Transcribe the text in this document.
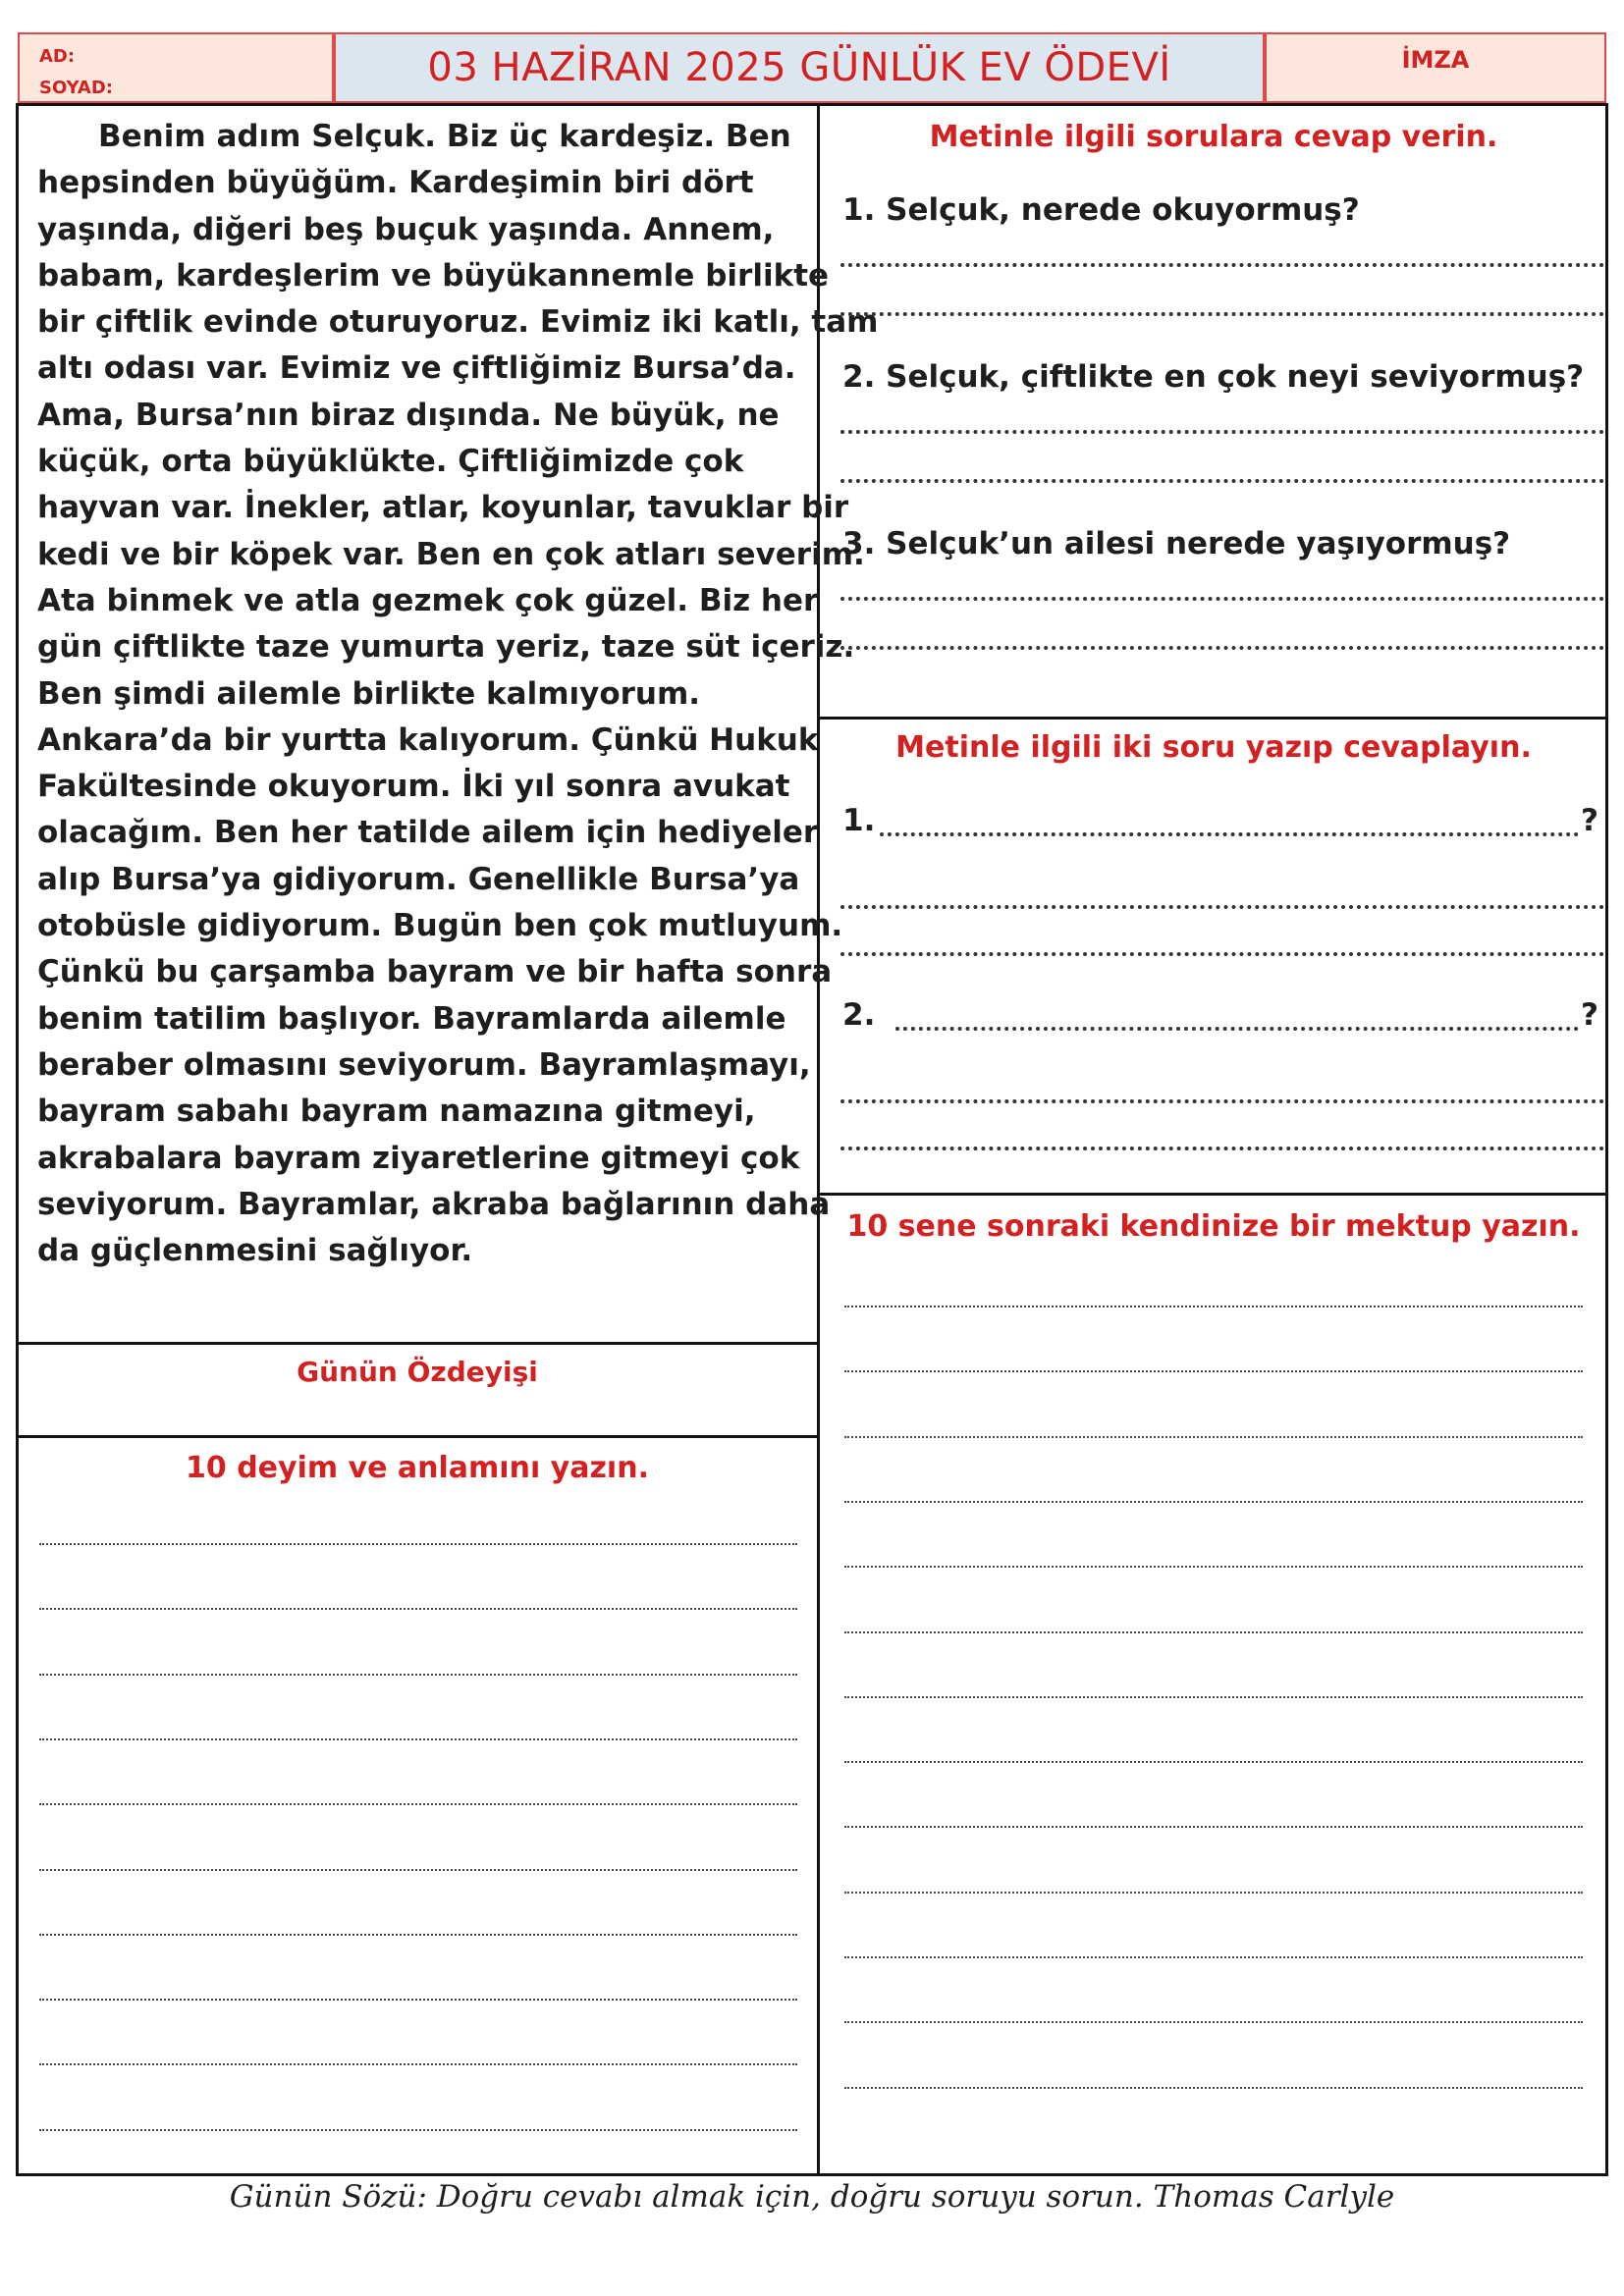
AD:
SOYAD:	03 HAZİRAN 2025 GÜNLÜK EV ÖDEVİ	İMZA
Benim adım Selçuk. Biz üç kardeşiz. Ben
hepsinden büyüğüm. Kardeşimin biri dört
yaşında, diğeri beş buçuk yaşında. Annem,
babam, kardeşlerim ve büyükannemle birlikte
bir çiftlik evinde oturuyoruz. Evimiz iki katlı, tam
altı odası var. Evimiz ve çiftliğimiz Bursa’da.
Ama, Bursa’nın biraz dışında. Ne büyük, ne
küçük, orta büyüklükte. Çiftliğimizde çok
hayvan var. İnekler, atlar, koyunlar, tavuklar bir
kedi ve bir köpek var. Ben en çok atları severim.
Ata binmek ve atla gezmek çok güzel. Biz her
gün çiftlikte taze yumurta yeriz, taze süt içeriz.
Ben şimdi ailemle birlikte kalmıyorum.
Ankara’da bir yurtta kalıyorum. Çünkü Hukuk
Fakültesinde okuyorum. İki yıl sonra avukat
olacağım. Ben her tatilde ailem için hediyeler
alıp Bursa’ya gidiyorum. Genellikle Bursa’ya
otobüsle gidiyorum. Bugün ben çok mutluyum.
Çünkü bu çarşamba bayram ve bir hafta sonra
benim tatilim başlıyor. Bayramlarda ailemle
beraber olmasını seviyorum. Bayramlaşmayı,
bayram sabahı bayram namazına gitmeyi,
akrabalara bayram ziyaretlerine gitmeyi çok
seviyorum. Bayramlar, akraba bağlarının daha
da güçlenmesini sağlıyor.
Günün Özdeyişi
10 deyim ve anlamını yazın.
Metinle ilgili sorulara cevap verin.
1. Selçuk, nerede okuyormuş?
2. Selçuk, çiftlikte en çok neyi seviyormuş?
3. Selçuk’un ailesi nerede yaşıyormuş?
Metinle ilgili iki soru yazıp cevaplayın.
1.	?
2.	?
10 sene sonraki kendinize bir mektup yazın.
Günün Sözü: Doğru cevabı almak için, doğru soruyu sorun. Thomas Carlyle
